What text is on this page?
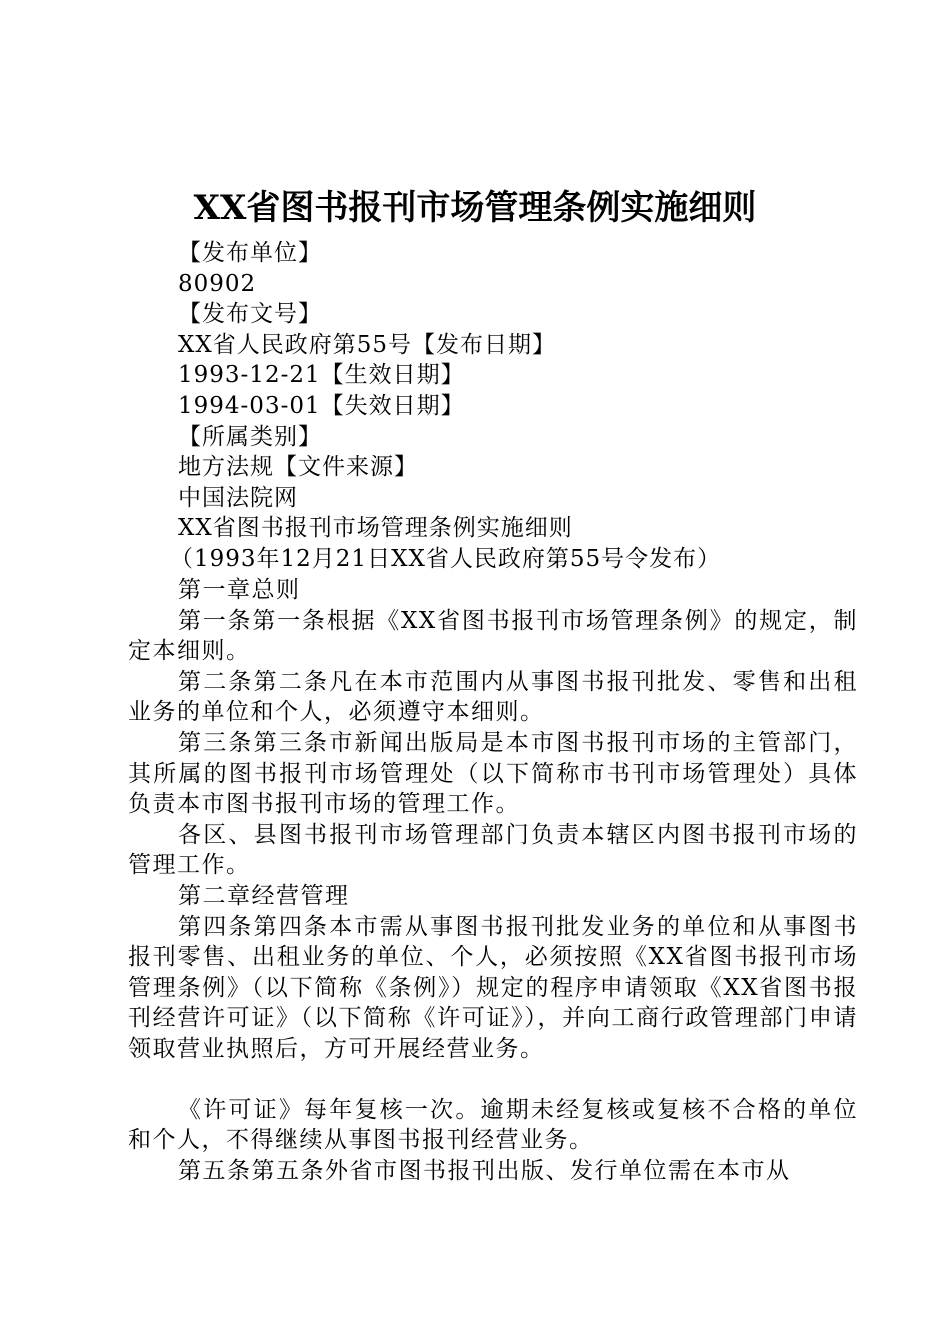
XX省图书报刊市场管理条例实施细则
【发布单位】
80902
【发布文号】
XX省人民政府第55号【发布日期】
1993-12-21【生效日期】
1994-03-01【失效日期】
【所属类别】
地方法规【文件来源】
中国法院网
XX省图书报刊市场管理条例实施细则
（1993年12月21日XX省人民政府第55号令发布）

第一章总则

第一条第一条根据《XX省图书报刊市场管理条例》的规定，制定本细则。

第二条第二条凡在本市范围内从事图书报刊批发、零售和出租业务的单位和个人，必须遵守本细则。

第三条第三条市新闻出版局是本市图书报刊市场的主管部门，其所属的图书报刊市场管理处（以下简称市书刊市场管理处）具体负责本市图书报刊市场的管理工作。

各区、县图书报刊市场管理部门负责本辖区内图书报刊市场的管理工作。

第二章经营管理

第四条第四条本市需从事图书报刊批发业务的单位和从事图书报刊零售、出租业务的单位、个人，必须按照《XX省图书报刊市场管理条例》（以下简称《条例》）规定的程序申请领取《XX省图书报刊经营许可证》（以下简称《许可证》），并向工商行政管理部门申请领取营业执照后，方可开展经营业务。

《许可证》每年复核一次。逾期未经复核或复核不合格的单位和个人，不得继续从事图书报刊经营业务。

第五条第五条外省市图书报刊出版、发行单位需在本市从
